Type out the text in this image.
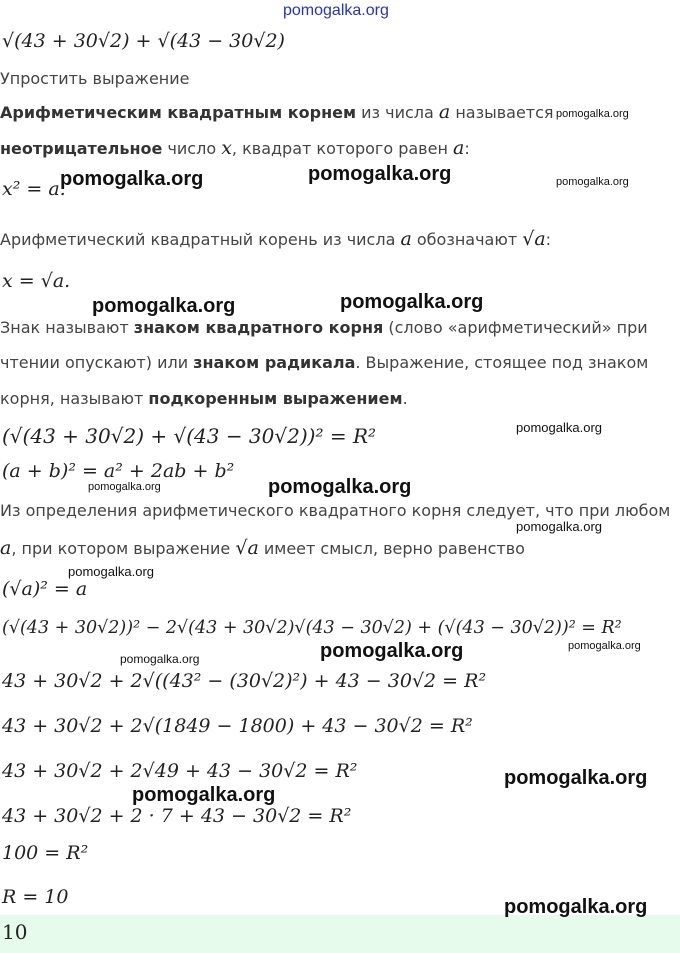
pomogalka.org
√(43 + 30√2) + √(43 − 30√2)
Упростить выражение
Арифметическим квадратным корнем из числа a называется
неотрицательное число x, квадрат которого равен a:
x² = a.
Арифметический квадратный корень из числа a обозначают √a:
x = √a.
Знак называют знаком квадратного корня (слово «арифметический» при
чтении опускают) или знаком радикала. Выражение, стоящее под знаком
корня, называют подкоренным выражением.
(√(43 + 30√2) + √(43 − 30√2))² = R²
(a + b)² = a² + 2ab + b²
Из определения арифметического квадратного корня следует, что при любом
a, при котором выражение √a имеет смысл, верно равенство
(√a)² = a
(√(43 + 30√2))² − 2√(43 + 30√2)√(43 − 30√2) + (√(43 − 30√2))² = R²
43 + 30√2 + 2√((43² − (30√2)²) + 43 − 30√2 = R²
43 + 30√2 + 2√(1849 − 1800) + 43 − 30√2 = R²
43 + 30√2 + 2√49 + 43 − 30√2 = R²
43 + 30√2 + 2 · 7 + 43 − 30√2 = R²
100 = R²
R = 10
10
pomogalka.org
pomogalka.org	pomogalka.org	pomogalka.org
pomogalka.org	pomogalka.org
pomogalka.org
pomogalka.org	pomogalka.org
pomogalka.org
pomogalka.org
pomogalka.org	pomogalka.org	pomogalka.org
pomogalka.org
pomogalka.org
pomogalka.org
